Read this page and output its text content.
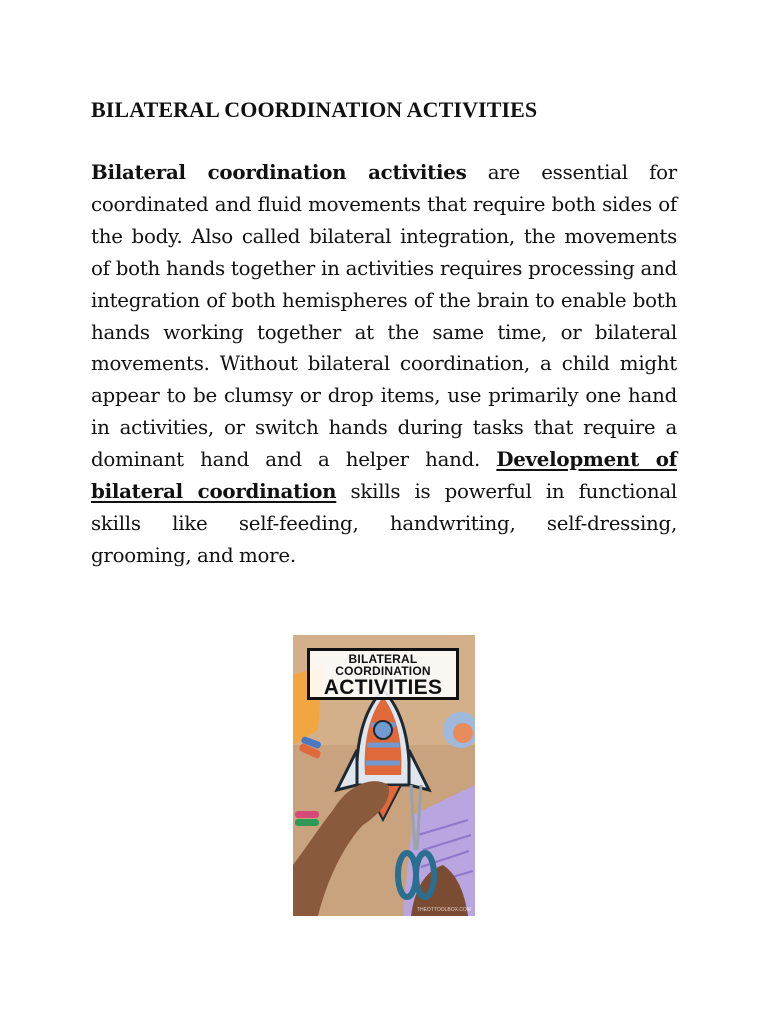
BILATERAL COORDINATION ACTIVITIES

Bilateral coordination activities are essential for coordinated and fluid movements that require both sides of the body. Also called bilateral integration, the movements of both hands together in activities requires processing and integration of both hemispheres of the brain to enable both hands working together at the same time, or bilateral movements. Without bilateral coordination, a child might appear to be clumsy or drop items, use primarily one hand in activities, or switch hands during tasks that require a dominant hand and a helper hand. Development of bilateral coordination skills is powerful in functional skills like self-feeding, handwriting, self-dressing, grooming, and more.

BILATERAL
COORDINATION
ACTIVITIES
THEOTTOOLBOX.COM
